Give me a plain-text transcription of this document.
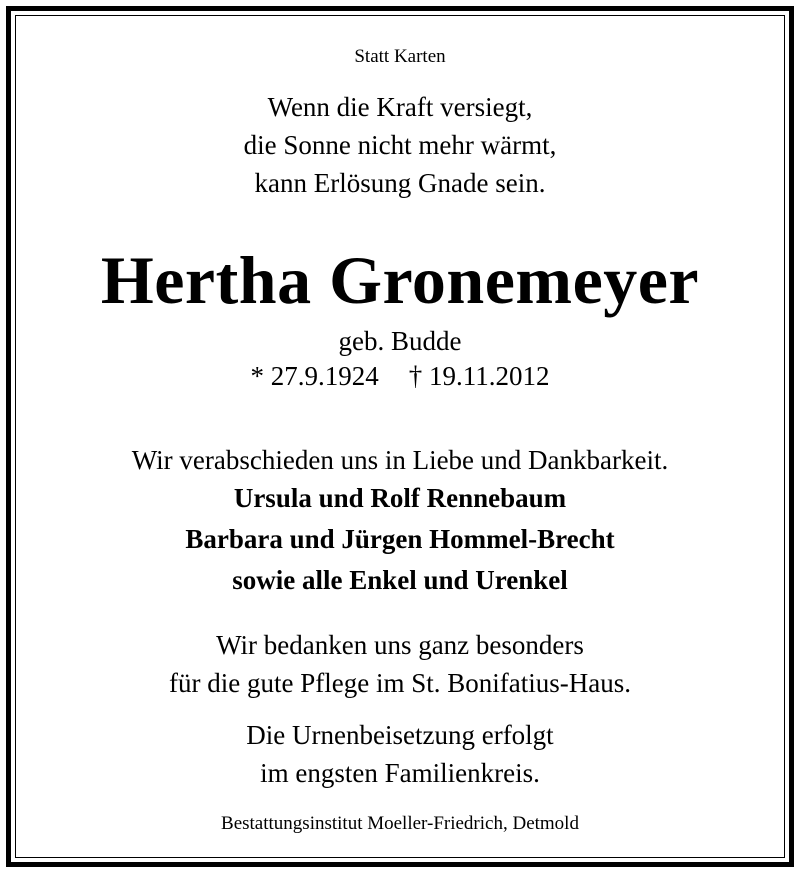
Statt Karten
Wenn die Kraft versiegt,
die Sonne nicht mehr wärmt,
kann Erlösung Gnade sein.
Hertha Gronemeyer
geb. Budde
* 27.9.1924 † 19.11.2012
Wir verabschieden uns in Liebe und Dankbarkeit.
Ursula und Rolf Rennebaum
Barbara und Jürgen Hommel-Brecht
sowie alle Enkel und Urenkel
Wir bedanken uns ganz besonders
für die gute Pflege im St. Bonifatius-Haus.
Die Urnenbeisetzung erfolgt
im engsten Familienkreis.
Bestattungsinstitut Moeller-Friedrich, Detmold
